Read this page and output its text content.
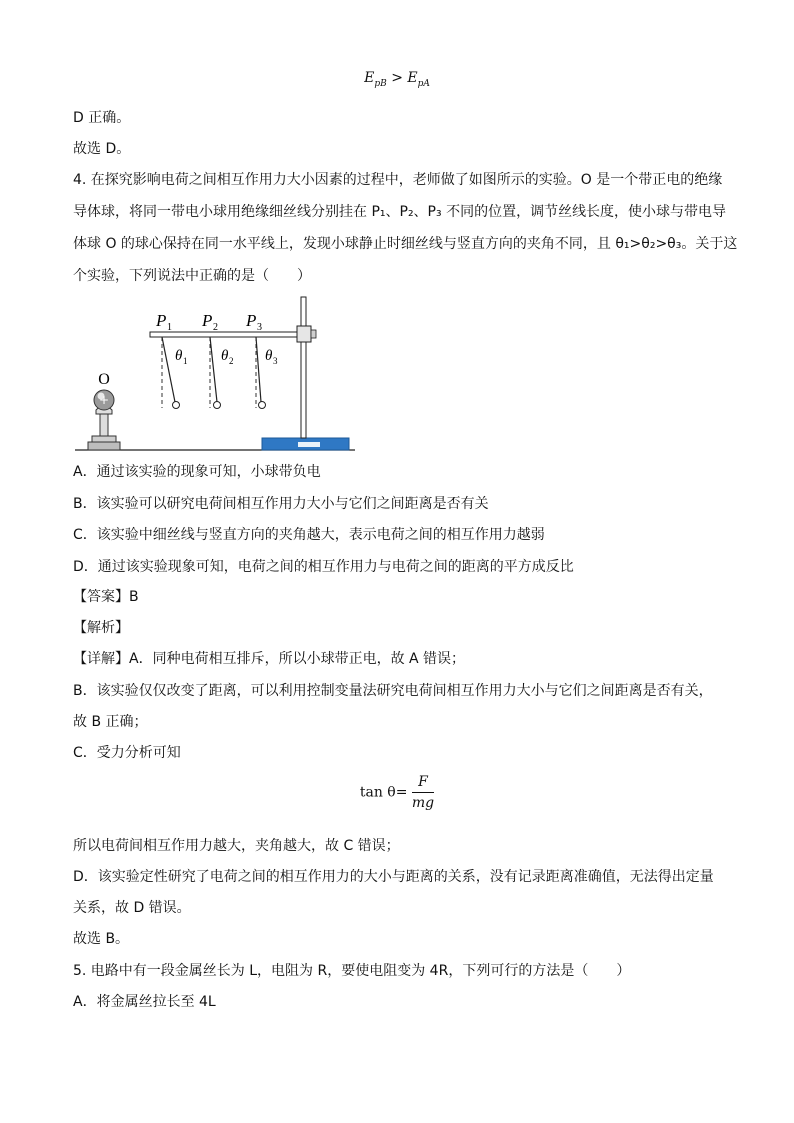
$E_{pB} > E_{pA}$
D 正确。
故选 D。
4. 在探究影响电荷之间相互作用力大小因素的过程中，老师做了如图所示的实验。O 是一个带正电的绝缘
导体球，将同一带电小球用绝缘细丝线分别挂在 P₁、P₂、P₃ 不同的位置，调节丝线长度，使小球与带电导
体球 O 的球心保持在同一水平线上，发现小球静止时细丝线与竖直方向的夹角不同，且 θ₁>θ₂>θ₃。关于这
个实验，下列说法中正确的是（　　）
+
O
P 1 P 2 P 3
θ 1 θ 2 θ 3
A．通过该实验的现象可知，小球带负电
B．该实验可以研究电荷间相互作用力大小与它们之间距离是否有关
C．该实验中细丝线与竖直方向的夹角越大，表示电荷之间的相互作用力越弱
D．通过该实验现象可知，电荷之间的相互作用力与电荷之间的距离的平方成反比
【答案】B
【解析】
【详解】A．同种电荷相互排斥，所以小球带正电，故 A 错误；
B．该实验仅仅改变了距离，可以利用控制变量法研究电荷间相互作用力大小与它们之间距离是否有关，
故 B 正确；
C．受力分析可知
$\tan \theta= \frac{F}{mg}$
所以电荷间相互作用力越大，夹角越大，故 C 错误；
D．该实验定性研究了电荷之间的相互作用力的大小与距离的关系，没有记录距离准确值，无法得出定量
关系，故 D 错误。
故选 B。
5. 电路中有一段金属丝长为 L，电阻为 R，要使电阻变为 4R，下列可行的方法是（　　）
A．将金属丝拉长至 4L
